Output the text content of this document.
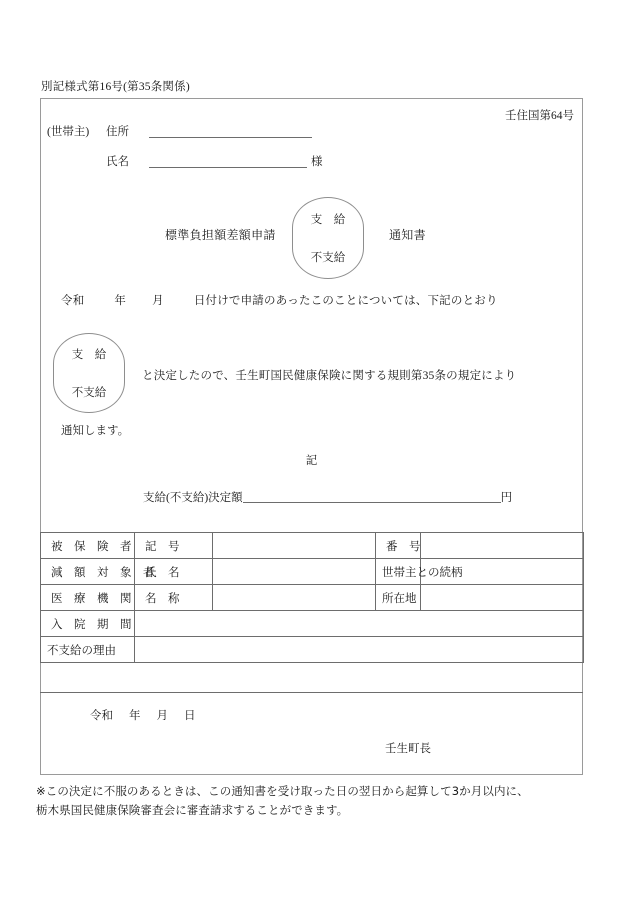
別記様式第16号(第35条関係)
壬住国第64号
(世帯主) 住所
氏名	様
標準負担額差額申請
支　給
不支給
通知書
令和	年 月	日付けで申請のあったこのことについては、下記のとおり
支　給
不支給
と決定したので、壬生町国民健康保険に関する規則第35条の規定により
通知します。
記
支給(不支給)決定額	円
被　保　険　者	記　号		番　号	

減　額　対　象　者	氏　名		世帯主との続柄	

医　療　機　関	名　称		所在地	

入　院　期　間				

不支給の理由				
令和 年 月 日
壬生町長
※この決定に不服のあるときは、この通知書を受け取った日の翌日から起算して3か月以内に、
栃木県国民健康保険審査会に審査請求することができます。
